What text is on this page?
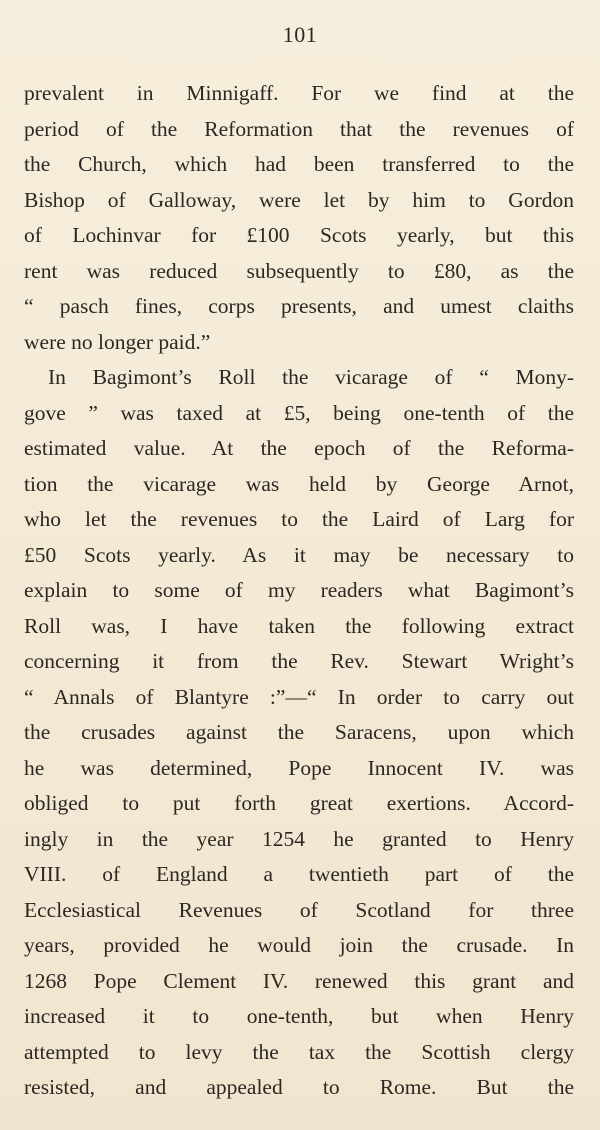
101
prevalent in Minnigaff. For we find at the
period of the Reformation that the revenues of
the Church, which had been transferred to the
Bishop of Galloway, were let by him to Gordon
of Lochinvar for £100 Scots yearly, but this
rent was reduced subsequently to £80, as the
“ pasch fines, corps presents, and umest claiths
were no longer paid.”
In Bagimont’s Roll the vicarage of “ Mony-
gove ” was taxed at £5, being one-tenth of the
estimated value. At the epoch of the Reforma-
tion the vicarage was held by George Arnot,
who let the revenues to the Laird of Larg for
£50 Scots yearly. As it may be necessary to
explain to some of my readers what Bagimont’s
Roll was, I have taken the following extract
concerning it from the Rev. Stewart Wright’s
“ Annals of Blantyre :”—“ In order to carry out
the crusades against the Saracens, upon which
he was determined, Pope Innocent IV. was
obliged to put forth great exertions. Accord-
ingly in the year 1254 he granted to Henry
VIII. of England a twentieth part of the
Ecclesiastical Revenues of Scotland for three
years, provided he would join the crusade. In
1268 Pope Clement IV. renewed this grant and
increased it to one-tenth, but when Henry
attempted to levy the tax the Scottish clergy
resisted, and appealed to Rome. But the
